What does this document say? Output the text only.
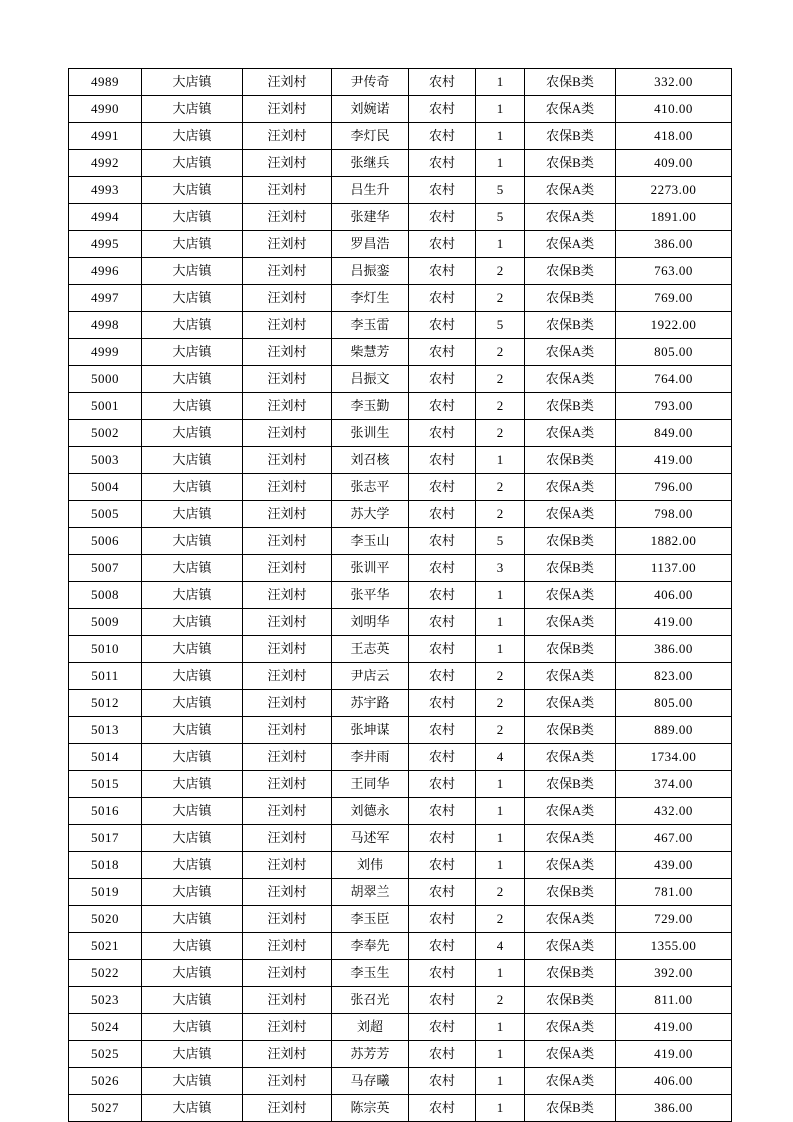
4989	大店镇	汪刘村	尹传奇	农村	1	农保B类	332.00
4990	大店镇	汪刘村	刘婉诺	农村	1	农保A类	410.00
4991	大店镇	汪刘村	李灯民	农村	1	农保B类	418.00
4992	大店镇	汪刘村	张继兵	农村	1	农保B类	409.00
4993	大店镇	汪刘村	吕生升	农村	5	农保A类	2273.00
4994	大店镇	汪刘村	张建华	农村	5	农保A类	1891.00
4995	大店镇	汪刘村	罗昌浩	农村	1	农保A类	386.00
4996	大店镇	汪刘村	吕振銮	农村	2	农保B类	763.00
4997	大店镇	汪刘村	李灯生	农村	2	农保B类	769.00
4998	大店镇	汪刘村	李玉雷	农村	5	农保B类	1922.00
4999	大店镇	汪刘村	柴慧芳	农村	2	农保A类	805.00
5000	大店镇	汪刘村	吕振文	农村	2	农保A类	764.00
5001	大店镇	汪刘村	李玉勤	农村	2	农保B类	793.00
5002	大店镇	汪刘村	张训生	农村	2	农保A类	849.00
5003	大店镇	汪刘村	刘召核	农村	1	农保B类	419.00
5004	大店镇	汪刘村	张志平	农村	2	农保A类	796.00
5005	大店镇	汪刘村	苏大学	农村	2	农保A类	798.00
5006	大店镇	汪刘村	李玉山	农村	5	农保B类	1882.00
5007	大店镇	汪刘村	张训平	农村	3	农保B类	1137.00
5008	大店镇	汪刘村	张平华	农村	1	农保A类	406.00
5009	大店镇	汪刘村	刘明华	农村	1	农保A类	419.00
5010	大店镇	汪刘村	王志英	农村	1	农保B类	386.00
5011	大店镇	汪刘村	尹店云	农村	2	农保A类	823.00
5012	大店镇	汪刘村	苏宇路	农村	2	农保A类	805.00
5013	大店镇	汪刘村	张坤谋	农村	2	农保B类	889.00
5014	大店镇	汪刘村	李井雨	农村	4	农保A类	1734.00
5015	大店镇	汪刘村	王同华	农村	1	农保B类	374.00
5016	大店镇	汪刘村	刘德永	农村	1	农保A类	432.00
5017	大店镇	汪刘村	马述军	农村	1	农保A类	467.00
5018	大店镇	汪刘村	刘伟	农村	1	农保A类	439.00
5019	大店镇	汪刘村	胡翠兰	农村	2	农保B类	781.00
5020	大店镇	汪刘村	李玉臣	农村	2	农保A类	729.00
5021	大店镇	汪刘村	李奉先	农村	4	农保A类	1355.00
5022	大店镇	汪刘村	李玉生	农村	1	农保B类	392.00
5023	大店镇	汪刘村	张召光	农村	2	农保B类	811.00
5024	大店镇	汪刘村	刘超	农村	1	农保A类	419.00
5025	大店镇	汪刘村	苏芳芳	农村	1	农保A类	419.00
5026	大店镇	汪刘村	马存曦	农村	1	农保A类	406.00
5027	大店镇	汪刘村	陈宗英	农村	1	农保B类	386.00
